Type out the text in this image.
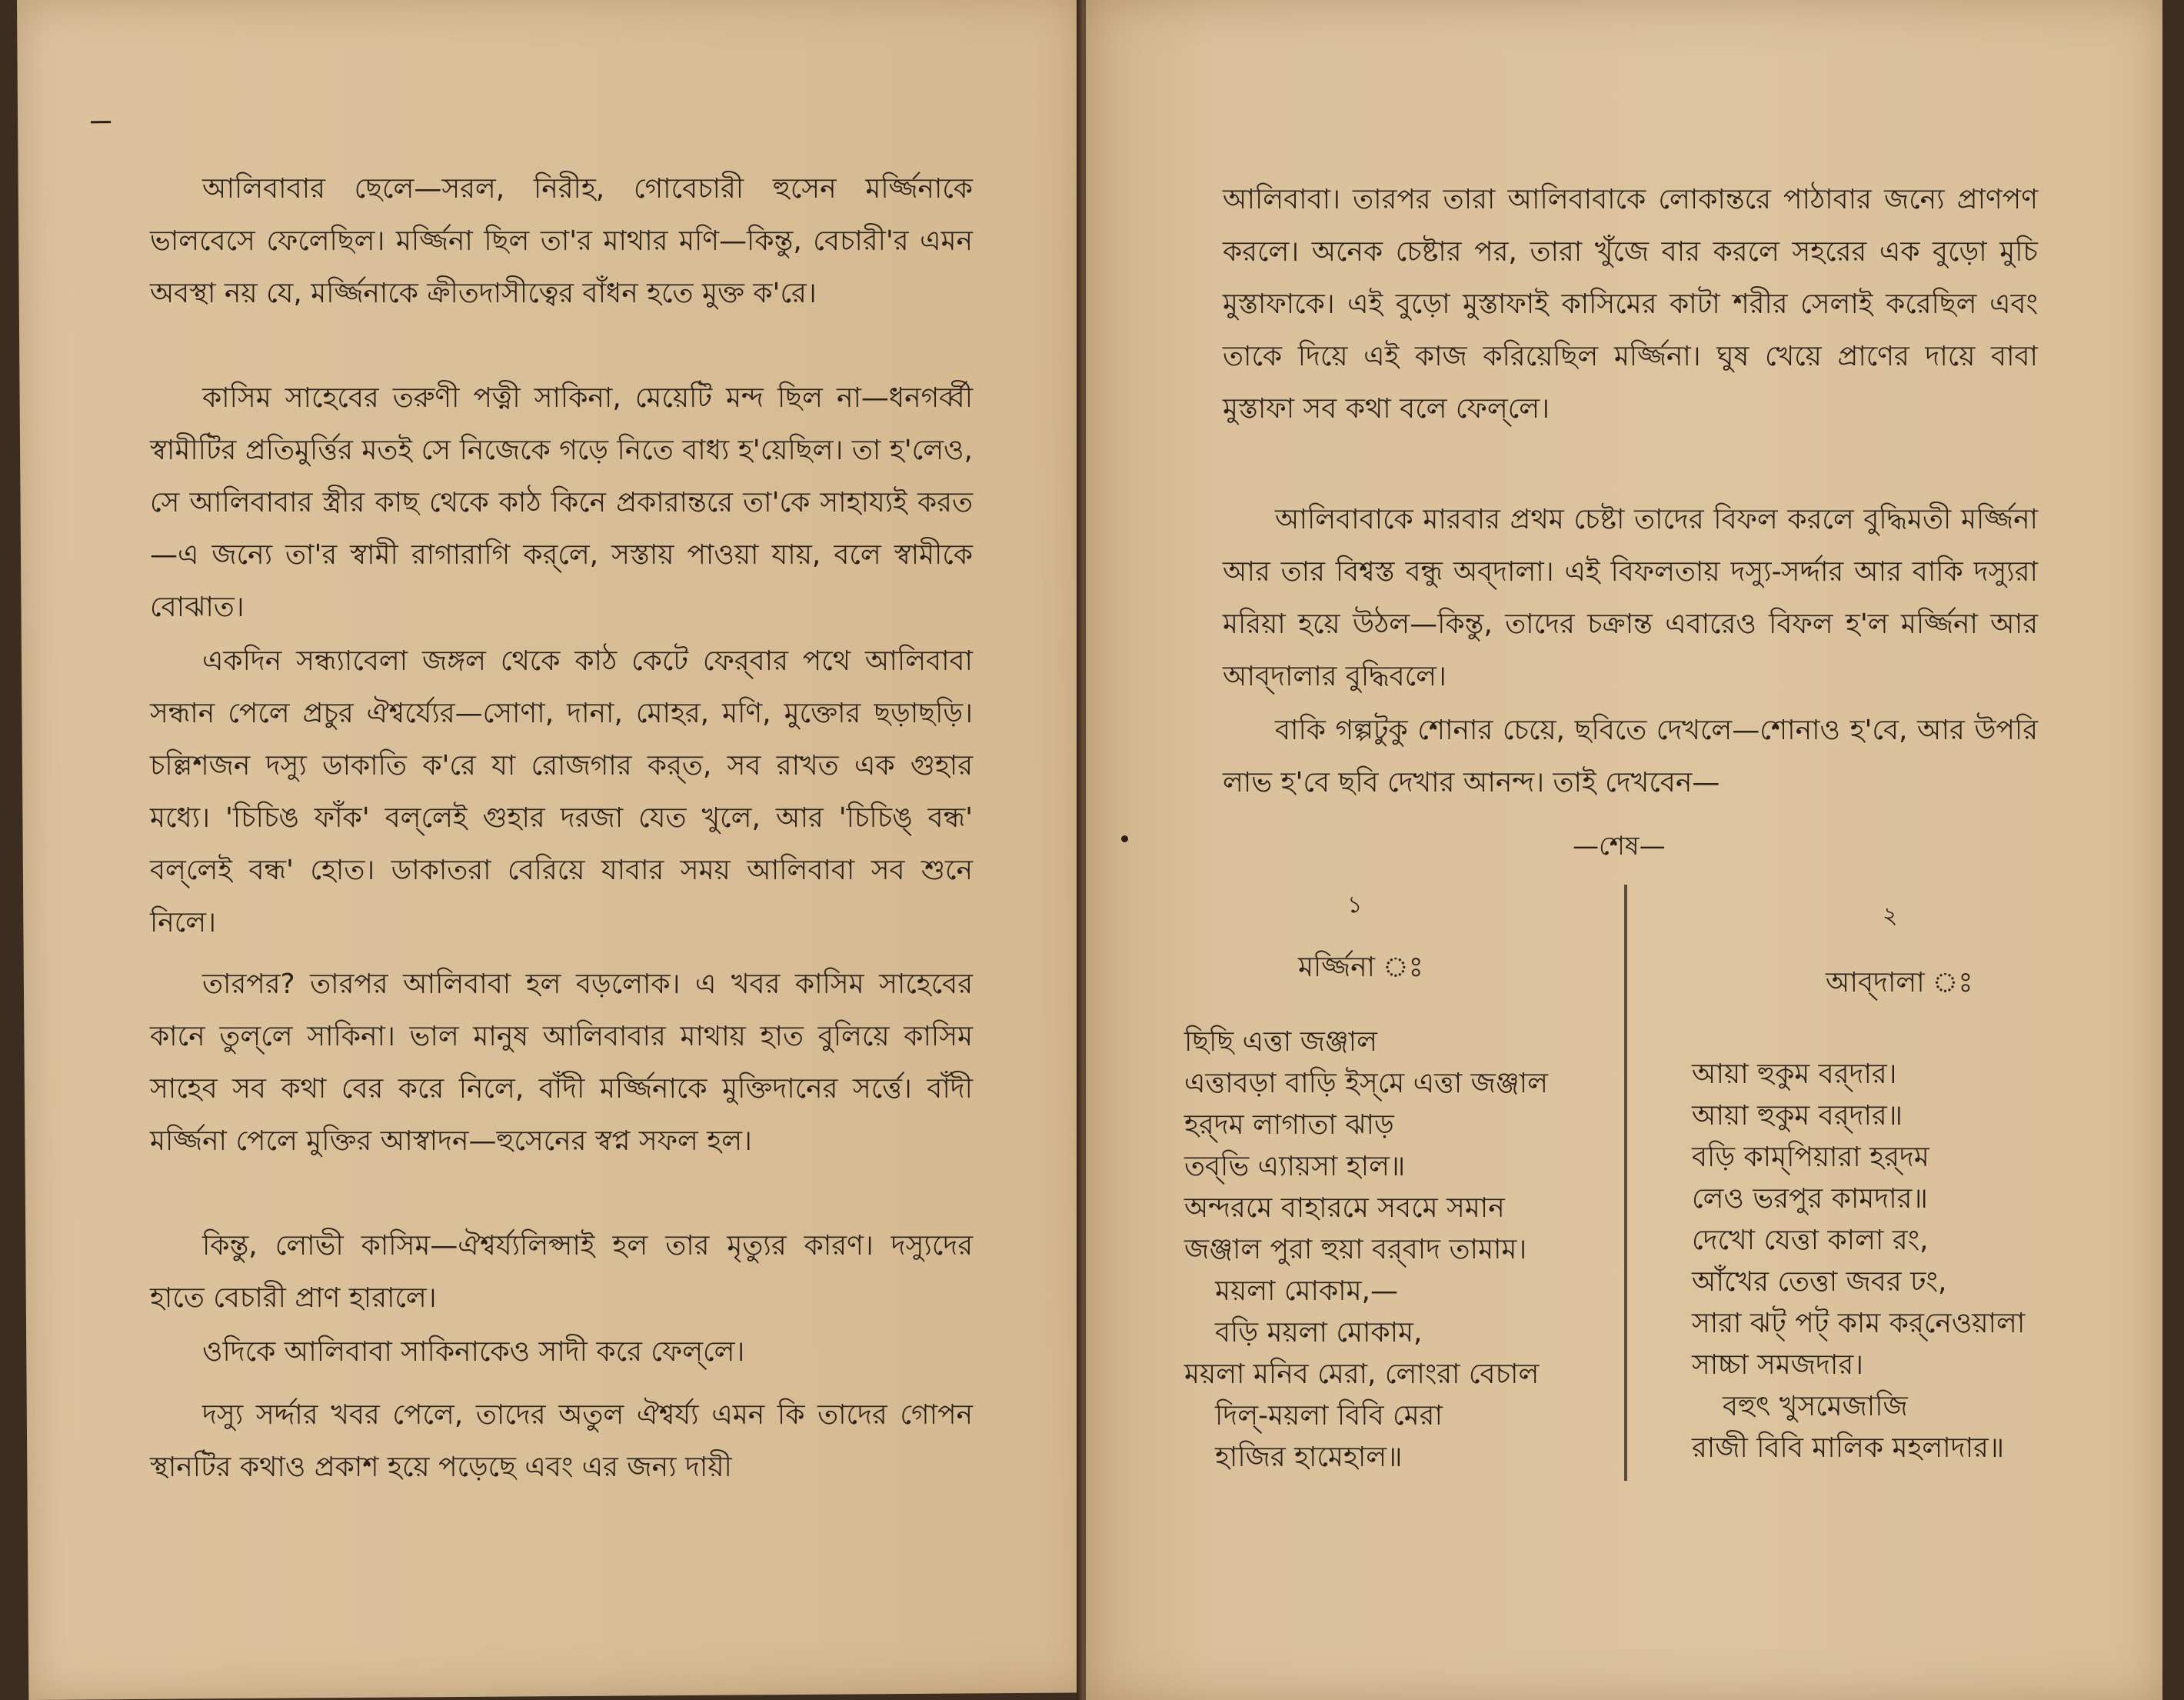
আলিবাবার ছেলে—সরল, নিরীহ, গোবেচারী হুসেন মর্জ্জিনাকে ভালবেসে ফেলেছিল। মর্জ্জিনা ছিল তা'র মাথার মণি—কিন্তু, বেচারী'র এমন অবস্থা নয় যে, মর্জ্জিনাকে ক্রীতদাসীত্বের বাঁধন হতে মুক্ত ক'রে।

কাসিম সাহেবের তরুণী পত্নী সাকিনা, মেয়েটি মন্দ ছিল না—ধনগর্ব্বী স্বামীটির প্রতিমুর্ত্তির মতই সে নিজেকে গড়ে নিতে বাধ্য হ'য়েছিল। তা হ'লেও, সে আলিবাবার স্ত্রীর কাছ থেকে কাঠ কিনে প্রকারান্তরে তা'কে সাহায্যই করত—এ জন্যে তা'র স্বামী রাগারাগি কর্‌লে, সস্তায় পাওয়া যায়, বলে স্বামীকে বোঝাত।

একদিন সন্ধ্যাবেলা জঙ্গল থেকে কাঠ কেটে ফের্‌বার পথে আলিবাবা সন্ধান পেলে প্রচুর ঐশ্বর্য্যের—সোণা, দানা, মোহর, মণি, মুক্তোর ছড়াছড়ি। চল্লিশজন দস্যু ডাকাতি ক'রে যা রোজগার কর্‌ত, সব রাখত এক গুহার মধ্যে। 'চিচিঙ ফাঁক' বল্‌লেই গুহার দরজা যেত খুলে, আর 'চিচিঙ্‌ বন্ধ' বল্‌লেই বন্ধ' হোত। ডাকাতরা বেরিয়ে যাবার সময় আলিবাবা সব শুনে নিলে।

তারপর? তারপর আলিবাবা হল বড়লোক। এ খবর কাসিম সাহেবের কানে তুল্‌লে সাকিনা। ভাল মানুষ আলিবাবার মাথায় হাত বুলিয়ে কাসিম সাহেব সব কথা বের করে নিলে, বাঁদী মর্জ্জিনাকে মুক্তিদানের সর্ত্তে। বাঁদী মর্জ্জিনা পেলে মুক্তির আস্বাদন—হুসেনের স্বপ্ন সফল হল।

কিন্তু, লোভী কাসিম—ঐশ্বর্য্যলিপ্সাই হল তার মৃত্যুর কারণ। দস্যুদের হাতে বেচারী প্রাণ হারালে।

ওদিকে আলিবাবা সাকিনাকেও সাদী করে ফেল্‌লে।

দস্যু সর্দ্দার খবর পেলে, তাদের অতুল ঐশ্বর্য্য এমন কি তাদের গোপন স্থানটির কথাও প্রকাশ হয়ে পড়েছে এবং এর জন্য দায়ী

আলিবাবা। তারপর তারা আলিবাবাকে লোকান্তরে পাঠাবার জন্যে প্রাণপণ করলে। অনেক চেষ্টার পর, তারা খুঁজে বার করলে সহরের এক বুড়ো মুচি মুস্তাফাকে। এই বুড়ো মুস্তাফাই কাসিমের কাটা শরীর সেলাই করেছিল এবং তাকে দিয়ে এই কাজ করিয়েছিল মর্জ্জিনা। ঘুষ খেয়ে প্রাণের দায়ে বাবা মুস্তাফা সব কথা বলে ফেল্‌লে।

আলিবাবাকে মারবার প্রথম চেষ্টা তাদের বিফল করলে বুদ্ধিমতী মর্জ্জিনা আর তার বিশ্বস্ত বন্ধু অব্‌দালা। এই বিফলতায় দস্যু-সর্দ্দার আর বাকি দস্যুরা মরিয়া হয়ে উঠল—কিন্তু, তাদের চক্রান্ত এবারেও বিফল হ'ল মর্জ্জিনা আর আব্‌দালার বুদ্ধিবলে।

বাকি গল্পটুকু শোনার চেয়ে, ছবিতে দেখলে—শোনাও হ'বে, আর উপরি লাভ হ'বে ছবি দেখার আনন্দ। তাই দেখবেন—

—শেষ—
১
মর্জ্জিনা ঃ
ছিছি এত্তা জঞ্জাল
এত্তাবড়া বাড়ি ইস্‌মে এত্তা জঞ্জাল
হর্‌দম লাগাতা ঝাড়
তব্‌ভি এ্যায়সা হাল॥
অন্দরমে বাহারমে সবমে সমান
জঞ্জাল পুরা হুয়া বর্‌বাদ তামাম।
ময়লা মোকাম,—
বড়ি ময়লা মোকাম,
ময়লা মনিব মেরা, লোংরা বেচাল
দিল্‌-ময়লা বিবি মেরা
হাজির হামেহাল॥
২
আব্‌দালা ঃ
আয়া হুকুম বর্‌দার।
আয়া হুকুম বর্‌দার॥
বড়ি কাম্‌পিয়ারা হর্‌দম
লেও ভরপুর কামদার॥
দেখো যেত্তা কালা রং,
আঁখের তেত্তা জবর ঢং,
সারা ঝট্‌ পট্‌ কাম কর্‌নেওয়ালা
সাচ্চা সমজদার।
বহুৎ খুসমেজাজি
রাজী বিবি মালিক মহলাদার॥
